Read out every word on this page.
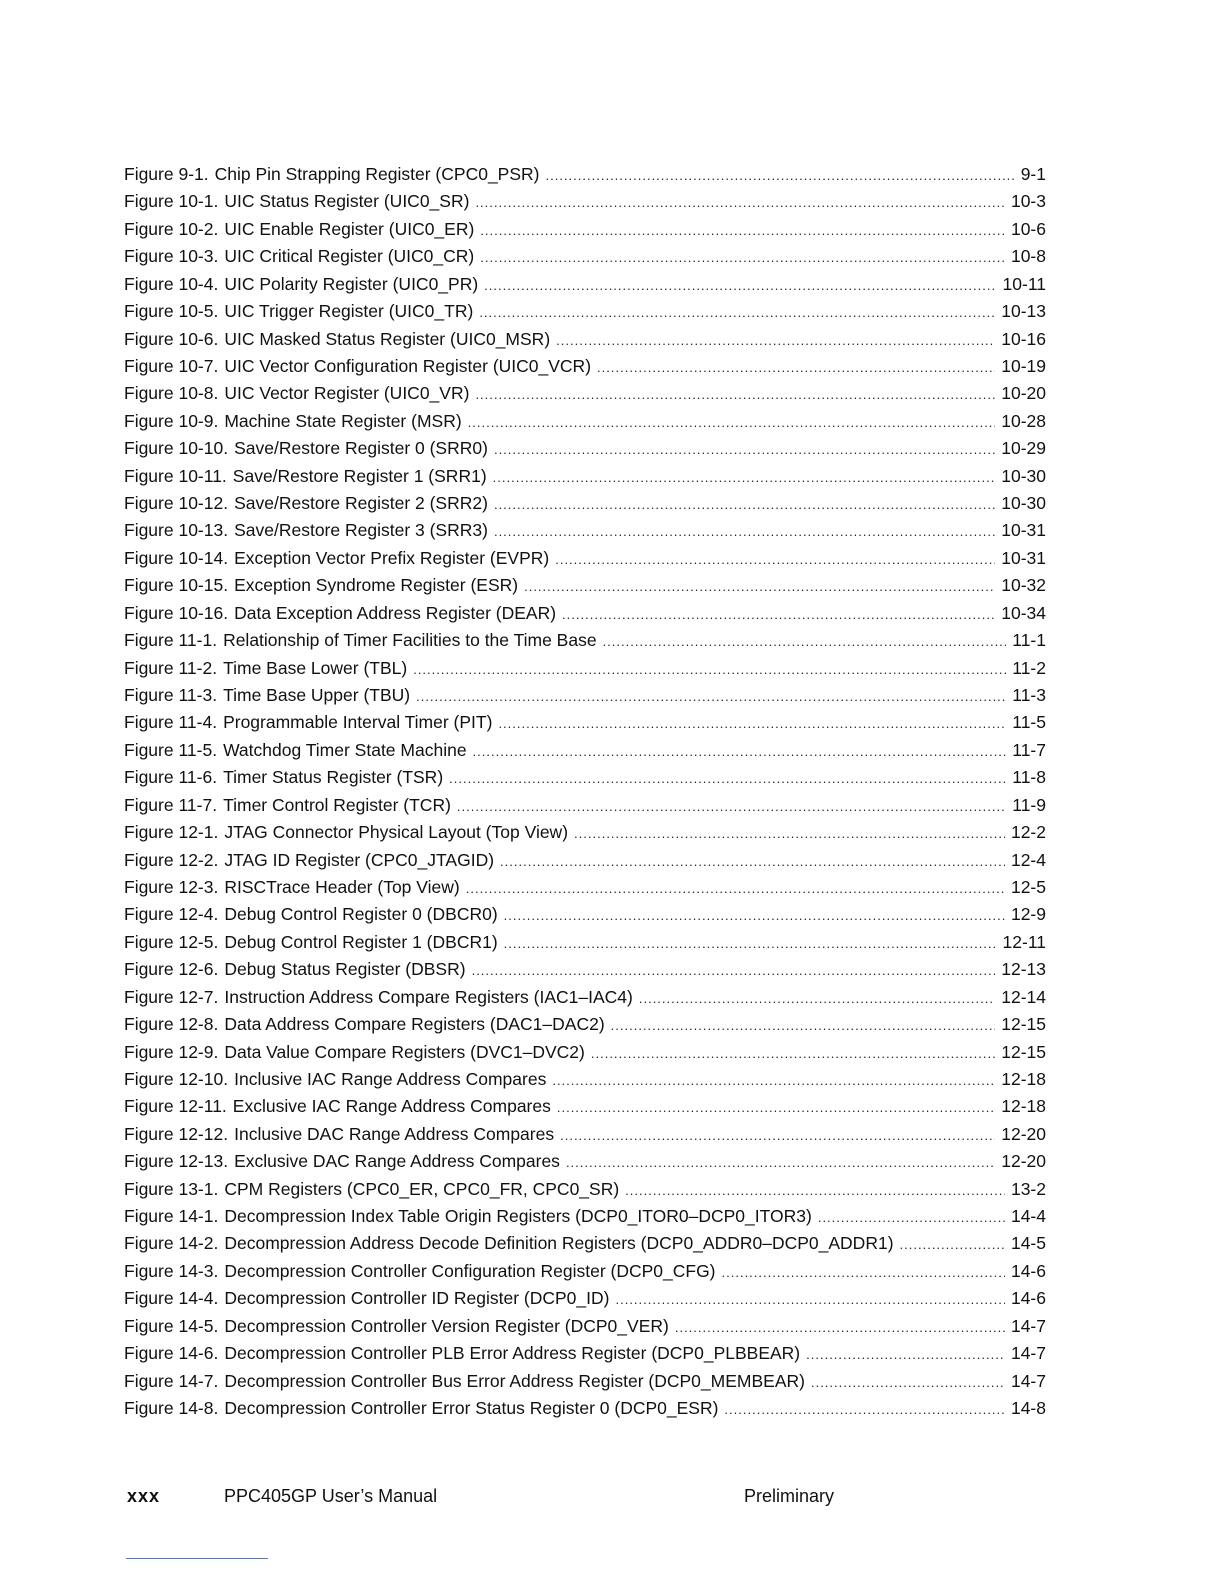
Figure 9-1. Chip Pin Strapping Register (CPC0_PSR) .....	9-1
Figure 10-1. UIC Status Register (UIC0_SR) .....	10-3
Figure 10-2. UIC Enable Register (UIC0_ER) .....	10-6
Figure 10-3. UIC Critical Register (UIC0_CR) .....	10-8
Figure 10-4. UIC Polarity Register (UIC0_PR) .....	10-11
Figure 10-5. UIC Trigger Register (UIC0_TR) .....	10-13
Figure 10-6. UIC Masked Status Register (UIC0_MSR) .....	10-16
Figure 10-7. UIC Vector Configuration Register (UIC0_VCR) .....	10-19
Figure 10-8. UIC Vector Register (UIC0_VR) .....	10-20
Figure 10-9. Machine State Register (MSR) .....	10-28
Figure 10-10. Save/Restore Register 0 (SRR0) .....	10-29
Figure 10-11. Save/Restore Register 1 (SRR1) .....	10-30
Figure 10-12. Save/Restore Register 2 (SRR2) .....	10-30
Figure 10-13. Save/Restore Register 3 (SRR3) .....	10-31
Figure 10-14. Exception Vector Prefix Register (EVPR) .....	10-31
Figure 10-15. Exception Syndrome Register (ESR) .....	10-32
Figure 10-16. Data Exception Address Register (DEAR) .....	10-34
Figure 11-1. Relationship of Timer Facilities to the Time Base .....	11-1
Figure 11-2. Time Base Lower (TBL) .....	11-2
Figure 11-3. Time Base Upper (TBU) .....	11-3
Figure 11-4. Programmable Interval Timer (PIT) .....	11-5
Figure 11-5. Watchdog Timer State Machine .....	11-7
Figure 11-6. Timer Status Register (TSR) .....	11-8
Figure 11-7. Timer Control Register (TCR) .....	11-9
Figure 12-1. JTAG Connector Physical Layout (Top View) .....	12-2
Figure 12-2. JTAG ID Register (CPC0_JTAGID) .....	12-4
Figure 12-3. RISCTrace Header (Top View) .....	12-5
Figure 12-4. Debug Control Register 0 (DBCR0) .....	12-9
Figure 12-5. Debug Control Register 1 (DBCR1) .....	12-11
Figure 12-6. Debug Status Register (DBSR) .....	12-13
Figure 12-7. Instruction Address Compare Registers (IAC1–IAC4) .....	12-14
Figure 12-8. Data Address Compare Registers (DAC1–DAC2) .....	12-15
Figure 12-9. Data Value Compare Registers (DVC1–DVC2) .....	12-15
Figure 12-10. Inclusive IAC Range Address Compares .....	12-18
Figure 12-11. Exclusive IAC Range Address Compares .....	12-18
Figure 12-12. Inclusive DAC Range Address Compares .....	12-20
Figure 12-13. Exclusive DAC Range Address Compares .....	12-20
Figure 13-1. CPM Registers (CPC0_ER, CPC0_FR, CPC0_SR) .....	13-2
Figure 14-1. Decompression Index Table Origin Registers (DCP0_ITOR0–DCP0_ITOR3) .....	14-4
Figure 14-2. Decompression Address Decode Definition Registers (DCP0_ADDR0–DCP0_ADDR1) .....	14-5
Figure 14-3. Decompression Controller Configuration Register (DCP0_CFG) .....	14-6
Figure 14-4. Decompression Controller ID Register (DCP0_ID) .....	14-6
Figure 14-5. Decompression Controller Version Register (DCP0_VER) .....	14-7
Figure 14-6. Decompression Controller PLB Error Address Register (DCP0_PLBBEAR) .....	14-7
Figure 14-7. Decompression Controller Bus Error Address Register (DCP0_MEMBEAR) .....	14-7
Figure 14-8. Decompression Controller Error Status Register 0 (DCP0_ESR) .....	14-8
xxx	PPC405GP User’s Manual	Preliminary
